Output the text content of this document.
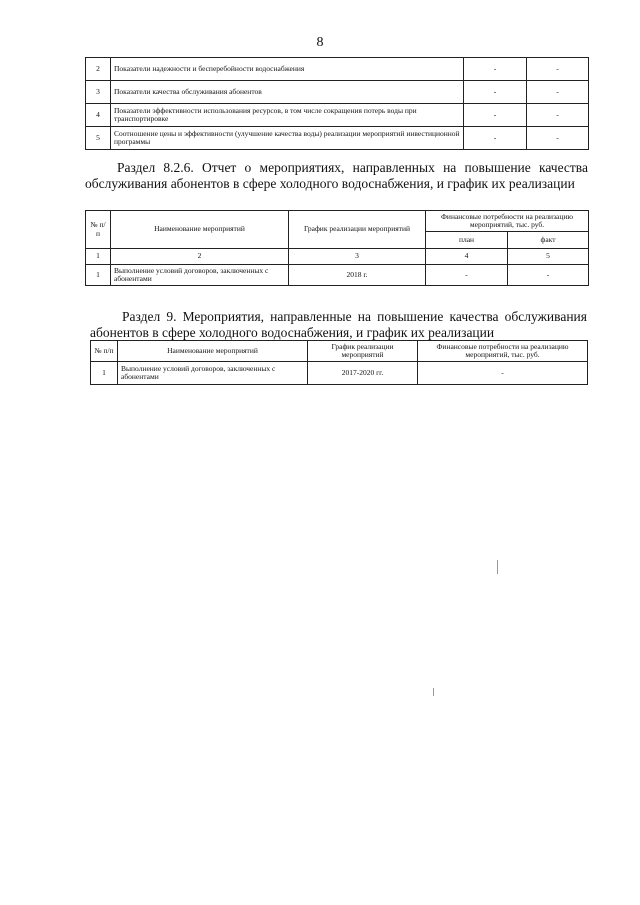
8
2	Показатели надежности и бесперебойности водоснабжения	-	-
3	Показатели качества обслуживания абонентов	-	-
4	Показатели эффективности использования ресурсов, в том числе сокращения потерь воды при транспортировке	-	-
5	Соотношение цены и эффективности (улучшение качества воды) реализации мероприятий инвестиционной программы	-	-
Раздел 8.2.6. Отчет о мероприятиях, направленных на повышение качества обслуживания абонентов в сфере холодного водоснабжения, и график их реализации
№ п/п	Наименование мероприятий	График реализации мероприятий	Финансовые потребности на реализацию мероприятий, тыс. руб.	
			план	факт
1	2	3	4	5
1	Выполнение условий договоров, заключенных с абонентами	2018 г.	-	-
Раздел 9. Мероприятия, направленные на повышение качества обслуживания абонентов в сфере холодного водоснабжения, и график их реализации
№ п/п	Наименование мероприятий	График реализации мероприятий	Финансовые потребности на реализацию мероприятий, тыс. руб.
1	Выполнение условий договоров, заключенных с абонентами	2017-2020 гг.	-
